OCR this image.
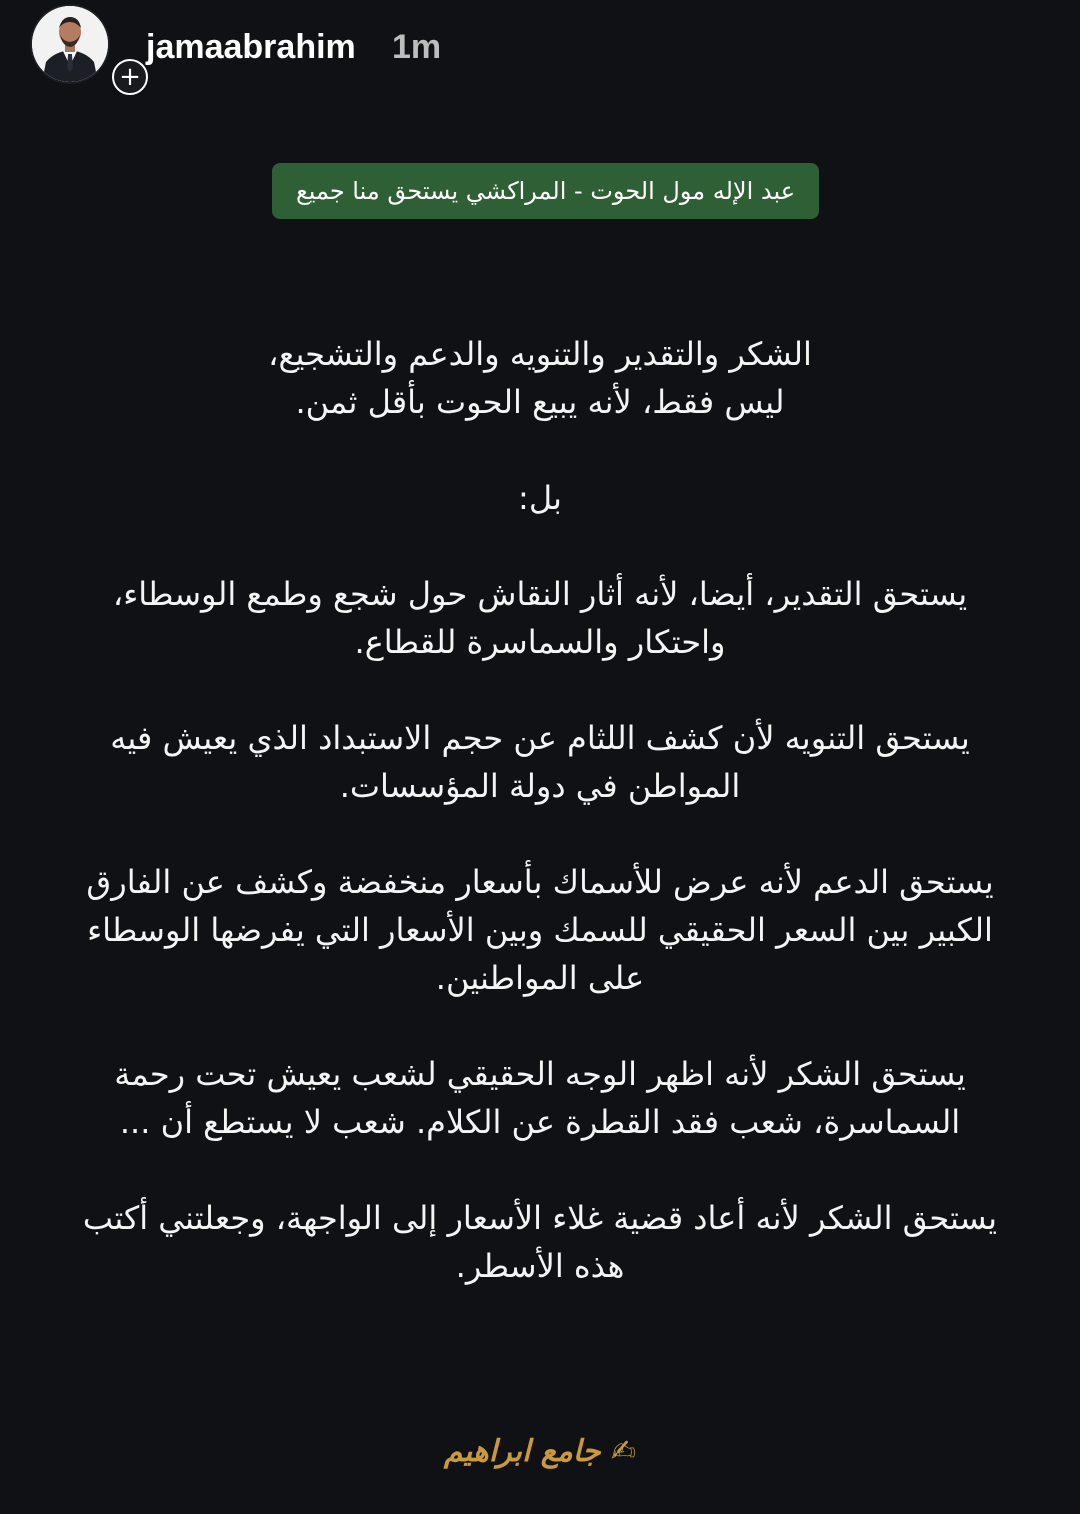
+
jamaabrahim 1m
عبد الإله مول الحوت - المراكشي يستحق منا جميع
الشكر والتقدير والتنويه والدعم والتشجيع،
ليس فقط، لأنه يبيع الحوت بأقل ثمن.
بل:
يستحق التقدير، أيضا، لأنه أثار النقاش حول شجع وطمع الوسطاء،
واحتكار والسماسرة للقطاع.
يستحق التنويه لأن كشف اللثام عن حجم الاستبداد الذي يعيش فيه
المواطن في دولة المؤسسات.
يستحق الدعم لأنه عرض للأسماك بأسعار منخفضة وكشف عن الفارق
الكبير بين السعر الحقيقي للسمك وبين الأسعار التي يفرضها الوسطاء
على المواطنين.
يستحق الشكر لأنه اظهر الوجه الحقيقي لشعب يعيش تحت رحمة
السماسرة، شعب فقد القطرة عن الكلام. شعب لا يستطع أن ...
يستحق الشكر لأنه أعاد قضية غلاء الأسعار إلى الواجهة، وجعلتني أكتب
هذه الأسطر.
✍ جامع ابراهيم
